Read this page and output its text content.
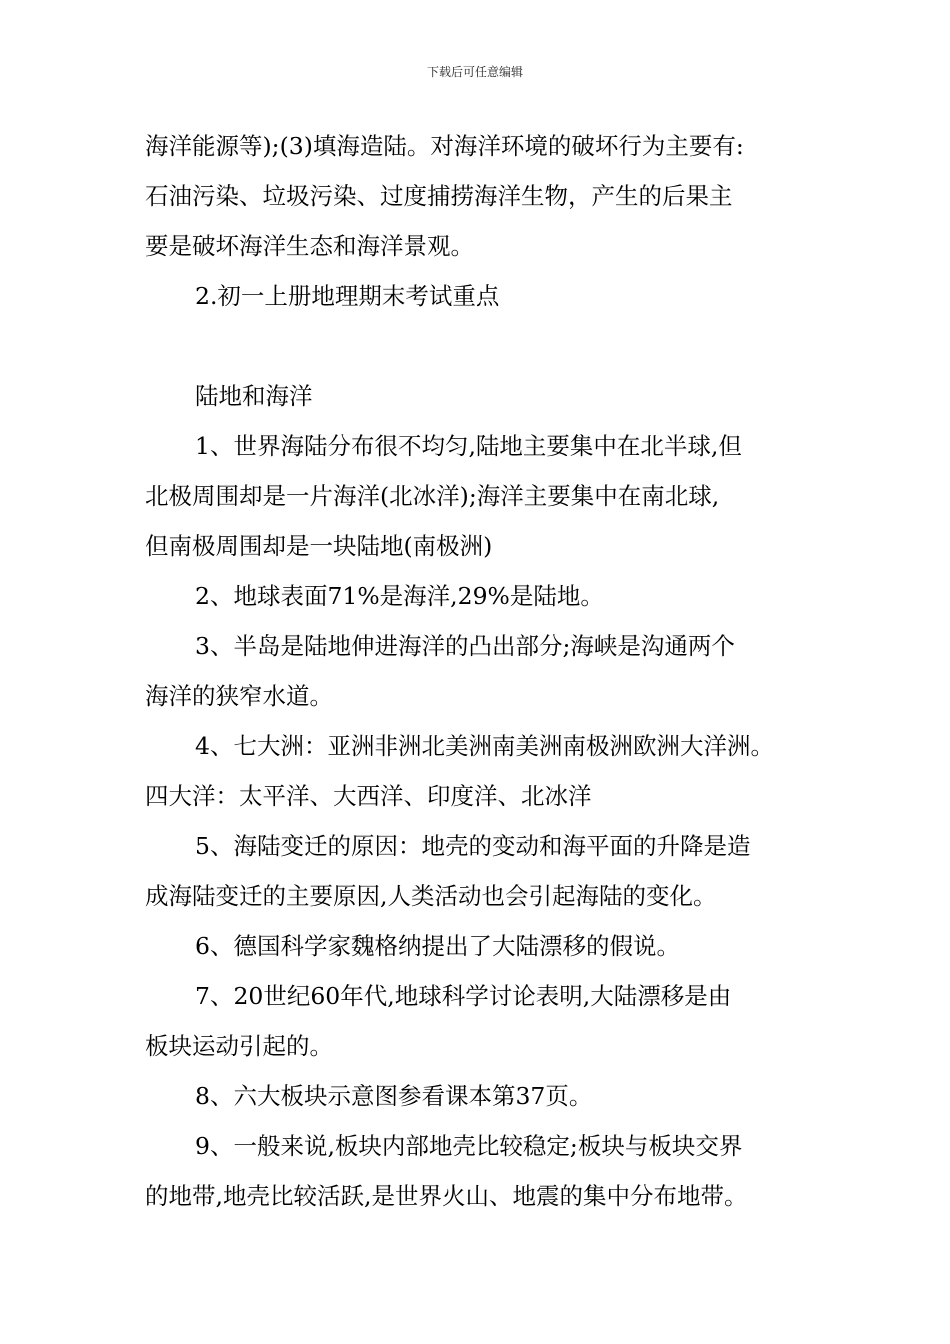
下载后可任意编辑
海洋能源等);(3)填海造陆。对海洋环境的破坏行为主要有:
石油污染、垃圾污染、过度捕捞海洋生物，产生的后果主
要是破坏海洋生态和海洋景观。
2.初一上册地理期末考试重点
陆地和海洋
1、世界海陆分布很不均匀,陆地主要集中在北半球,但
北极周围却是一片海洋(北冰洋);海洋主要集中在南北球,
但南极周围却是一块陆地(南极洲)
2、地球表面71%是海洋,29%是陆地。
3、半岛是陆地伸进海洋的凸出部分;海峡是沟通两个
海洋的狭窄水道。
4、七大洲：亚洲非洲北美洲南美洲南极洲欧洲大洋洲。
四大洋：太平洋、大西洋、印度洋、北冰洋
5、海陆变迁的原因：地壳的变动和海平面的升降是造
成海陆变迁的主要原因,人类活动也会引起海陆的变化。
6、德国科学家魏格纳提出了大陆漂移的假说。
7、20世纪60年代,地球科学讨论表明,大陆漂移是由
板块运动引起的。
8、六大板块示意图参看课本第37页。
9、一般来说,板块内部地壳比较稳定;板块与板块交界
的地带,地壳比较活跃,是世界火山、地震的集中分布地带。
